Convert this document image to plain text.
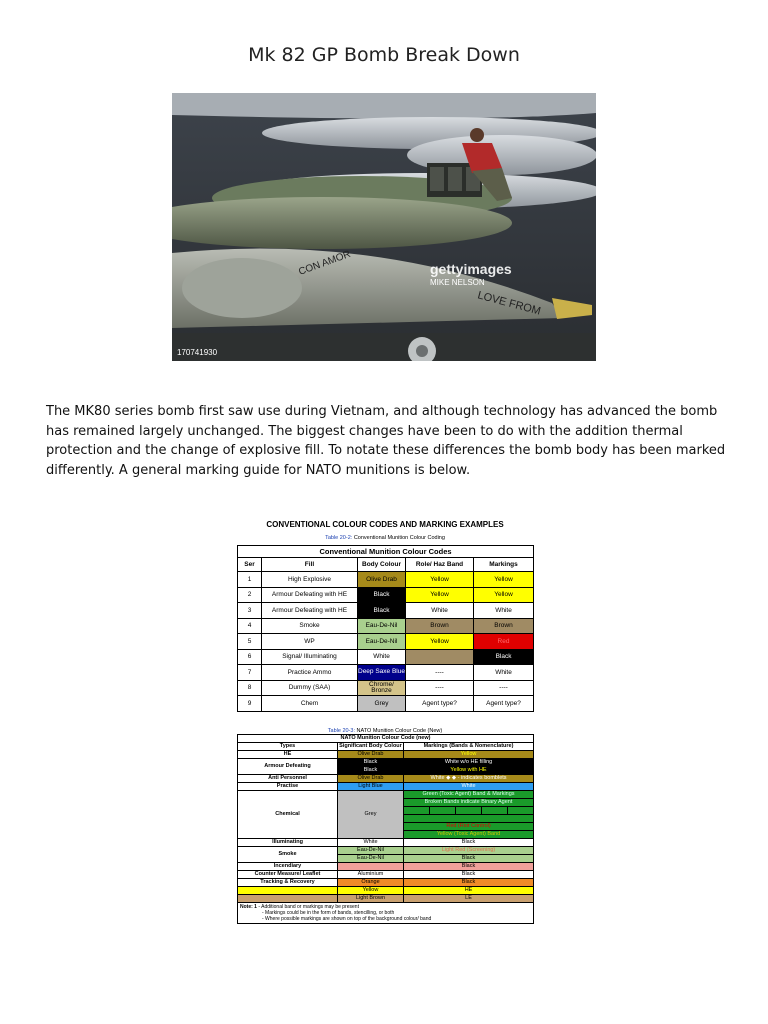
Mk 82 GP Bomb Break Down
CON AMOR
LOVE FROM
gettyimages
MIKE NELSON
170741930
The MK80 series bomb first saw use during Vietnam, and although technology has advanced the bomb has remained largely unchanged. The biggest changes have been to do with the addition thermal protection and the change of explosive fill. To notate these differences the bomb body has been marked differently. A general marking guide for NATO munitions is below.
CONVENTIONAL COLOUR CODES AND MARKING EXAMPLES
Table 20-2: Conventional Munition Colour Coding
Conventional Munition Colour Codes				
Ser	Fill	Body Colour	Role/ Haz Band	Markings
1	High Explosive	Olive Drab	Yellow	Yellow
2	Armour Defeating with HE	Black	Yellow	Yellow
3	Armour Defeating with HE	Black	White	White
4	Smoke	Eau-De-Nil	Brown	Brown
5	WP	Eau-De-Nil	Yellow	Red
6	Signal/ Illuminating	White		Black
7	Practice Ammo	Deep Saxe Blue	----	White
8	Dummy (SAA)	Chrome/ Bronze	----	----
9	Chem	Grey	Agent type?	Agent type?
Table 20-3: NATO Munition Colour Code (New)
NATO Munition Colour Code (new)						
Types	Significant Body Colour	Markings (Bands & Nomenclature)				
HE	Olive Drab	Yellow				
Armour Defeating	Black	White w/o HE filling				
	Black	Yellow with HE				
Anti Personnel	Olive Drab	White ◆ ◆ - indicates bomblets				
Practise	Light Blue	White				
Chemical	Grey	Green (Toxic Agent) Band & Markings				
		Broken Bands indicate Binary Agent				

		Red (Riot Control)				
		Yellow (Toxic Agent) Band				
Illuminating	White	Black				
Smoke	Eau-De-Nil	Light Red (Screening)				
	Eau-De-Nil	Black				
Incendiary	Light Red	Black				
Counter Measure/ Leaflet	Aluminium	Black				
Tracking & Recovery	Orange	Black				
	Yellow	HE				
	Light Brown	LE				
Note: 1 - Additional band or markings may be present
- Markings could be in the form of bands, stencilling, or both
- Where possible markings are shown on top of the background colour/ band						
